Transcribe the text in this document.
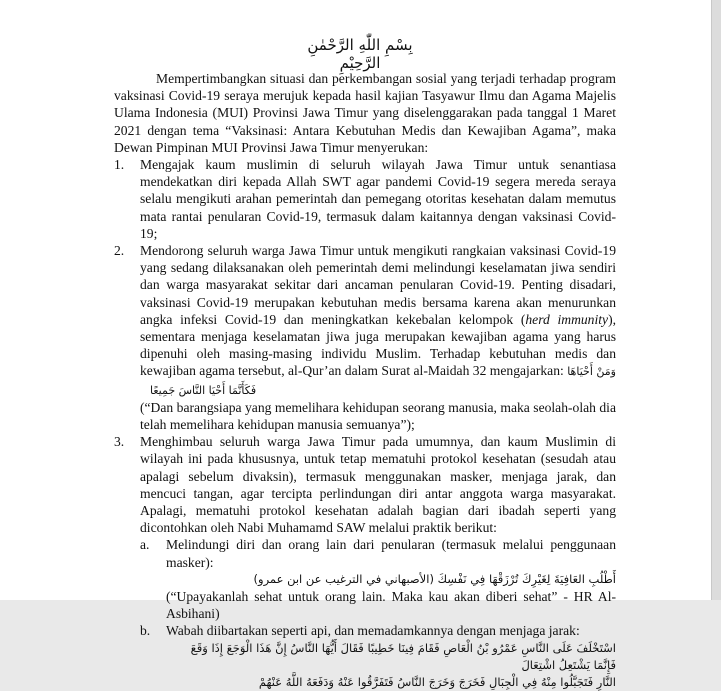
بِسْمِ اللّٰهِ الرَّحْمٰنِ الرَّحِيْمِ

Mempertimbangkan situasi dan perkembangan sosial yang terjadi terhadap program vaksinasi Covid-19 seraya merujuk kepada hasil kajian Tasyawur Ilmu dan Agama Majelis Ulama Indonesia (MUI) Provinsi Jawa Timur yang diselenggarakan pada tanggal 1 Maret 2021 dengan tema “Vaksinasi: Antara Kebutuhan Medis dan Kewajiban Agama”, maka Dewan Pimpinan MUI Provinsi Jawa Timur menyerukan:

1. Mengajak kaum muslimin di seluruh wilayah Jawa Timur untuk senantiasa mendekatkan diri kepada Allah SWT agar pandemi Covid-19 segera mereda seraya selalu mengikuti arahan pemerintah dan pemegang otoritas kesehatan dalam memutus mata rantai penularan Covid-19, termasuk dalam kaitannya dengan vaksinasi Covid-19;
2. Mendorong seluruh warga Jawa Timur untuk mengikuti rangkaian vaksinasi Covid-19 yang sedang dilaksanakan oleh pemerintah demi melindungi keselamatan jiwa sendiri dan warga masyarakat sekitar dari ancaman penularan Covid-19. Penting disadari, vaksinasi Covid-19 merupakan kebutuhan medis bersama karena akan menurunkan angka infeksi Covid-19 dan meningkatkan kekebalan kelompok (herd immunity), sementara menjaga keselamatan jiwa juga merupakan kewajiban agama yang harus dipenuhi oleh masing-masing individu Muslim. Terhadap kebutuhan medis dan kewajiban agama tersebut, al-Qur’an dalam Surat al-Maidah 32 mengajarkan: وَمَنْ أَحْيَاهَا فَكَأَنَّمَا أَحْيَا النَّاسَ جَمِيعًا
(“Dan barangsiapa yang memelihara kehidupan seorang manusia, maka seolah-olah dia telah memelihara kehidupan manusia semuanya”);
3. Menghimbau seluruh warga Jawa Timur pada umumnya, dan kaum Muslimin di wilayah ini pada khususnya, untuk tetap mematuhi protokol kesehatan (sesudah atau apalagi sebelum divaksin), termasuk menggunakan masker, menjaga jarak, dan mencuci tangan, agar tercipta perlindungan diri antar anggota warga masyarakat. Apalagi, mematuhi protokol kesehatan adalah bagian dari ibadah seperti yang dicontohkan oleh Nabi Muhamamd SAW melalui praktik berikut:
a. Melindungi diri dan orang lain dari penularan (termasuk melalui penggunaan masker):
أَطْلُبِ العَافِيَةَ لِغَيْرِكَ تُرْزَقْهَا فِي نَفْسِكَ (الأصبهاني في الترغيب عن ابن عمرو)
(“Upayakanlah sehat untuk orang lain. Maka kau akan diberi sehat” - HR Al-Asbihani)
b. Wabah diibartakan seperti api, dan memadamkannya dengan menjaga jarak:
اسْتَخْلَفَ عَلَى النَّاسِ عَمْرُو بْنُ الْعَاصِ فَقَامَ فِينَا خَطِيبًا فَقَالَ أَيُّهَا النَّاسُ إِنَّ هَذَا الْوَجَعَ إِذَا وَقَعَ فَإِنَّمَا يَشْتَعِلُ اشْتِعَالَ
النَّارِ فَتَجَبَّلُوا مِنْهُ فِي الْجِبَالِ فَخَرَجَ وَخَرَجَ النَّاسُ فَتَفَرَّقُوا عَنْهُ وَدَفَعَهُ اللَّهُ عَنْهُمْ
